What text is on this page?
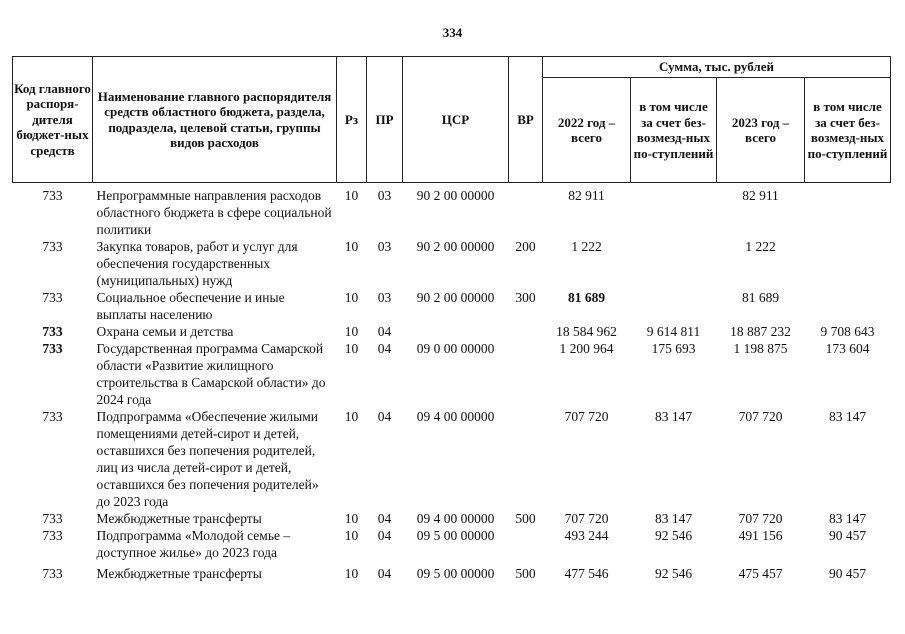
334
Код главного распоря-дителя бюджет-ных средств	Наименование главного распорядителя средств областного бюджета, раздела, подраздела, целевой статьи, группы видов расходов	Рз	ПР	ЦСР	ВР	Сумма, тыс. рублей			
						2022 год – всего	в том числе за счет без-возмезд-ных по-ступлений	2023 год – всего	в том числе за счет без-возмезд-ных по-ступлений

733	Непрограммные направления расходов областного бюджета в сфере социальной политики	10	03	90 2 00 00000		82 911		82 911	
733	Закупка товаров, работ и услуг для обеспечения государственных (муниципальных) нужд	10	03	90 2 00 00000	200	1 222		1 222	
733	Социальное обеспечение и иные выплаты населению	10	03	90 2 00 00000	300	81 689		81 689	
733	Охрана семьи и детства	10	04			18 584 962	9 614 811	18 887 232	9 708 643
733	Государственная программа Самарской области «Развитие жилищного строительства в Самарской области» до 2024 года	10	04	09 0 00 00000		1 200 964	175 693	1 198 875	173 604
733	Подпрограмма «Обеспечение жилыми помещениями детей-сирот и детей, оставшихся без попечения родителей, лиц из числа детей-сирот и детей, оставшихся без попечения родителей» до 2023 года	10	04	09 4 00 00000		707 720	83 147	707 720	83 147
733	Межбюджетные трансферты	10	04	09 4 00 00000	500	707 720	83 147	707 720	83 147
733	Подпрограмма «Молодой семье – доступное жилье» до 2023 года	10	04	09 5 00 00000		493 244	92 546	491 156	90 457
733	Межбюджетные трансферты	10	04	09 5 00 00000	500	477 546	92 546	475 457	90 457
